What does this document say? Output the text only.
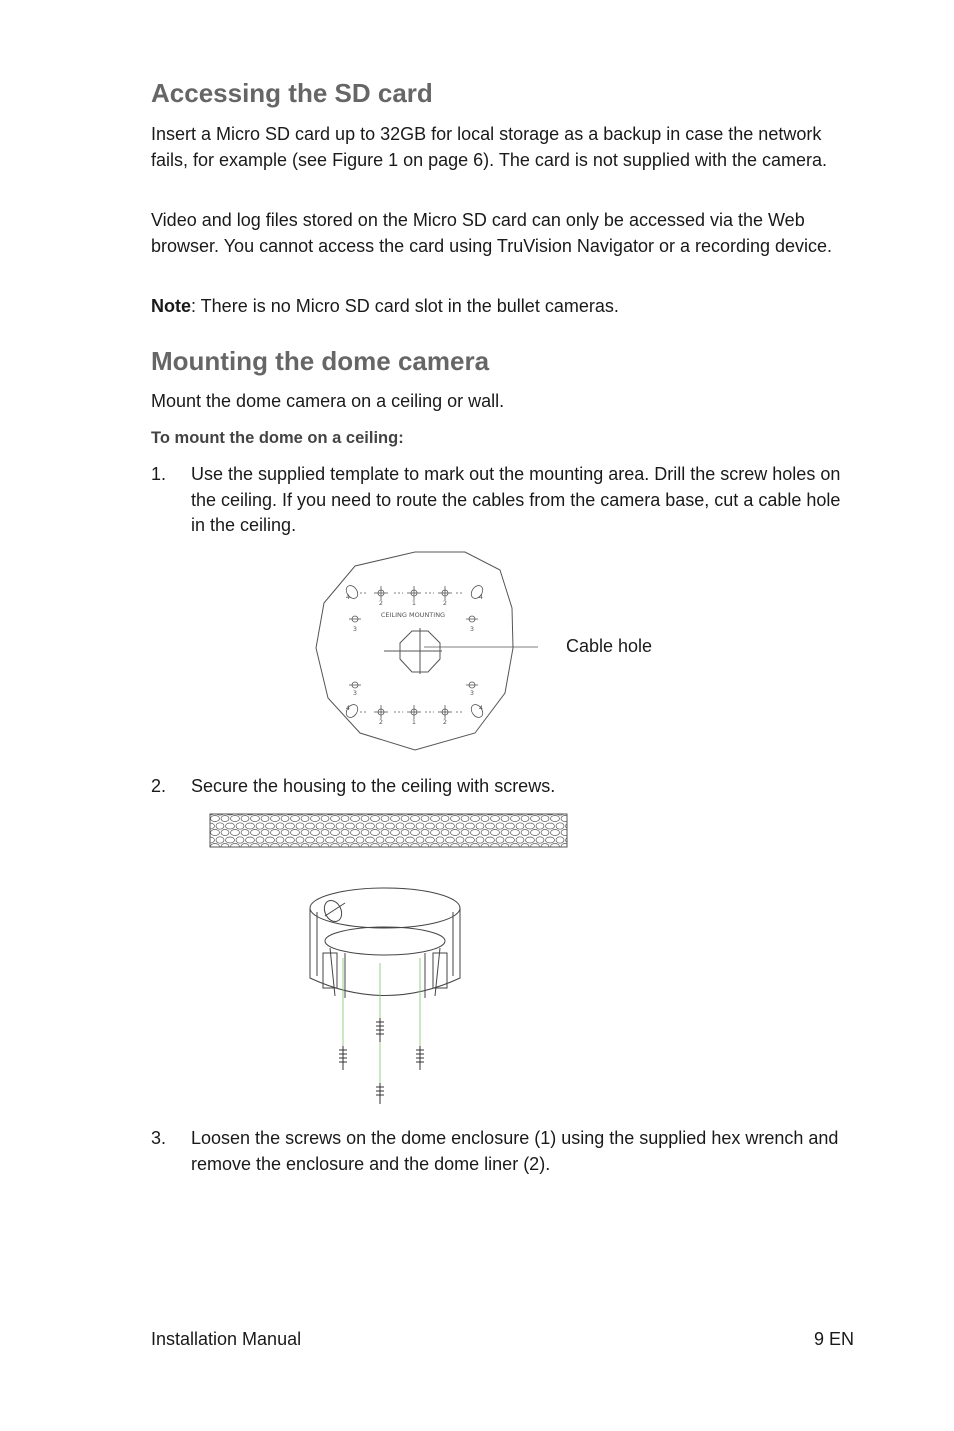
Accessing the SD card

Insert a Micro SD card up to 32GB for local storage as a backup in case the network fails, for example (see Figure 1 on page 6). The card is not supplied with the camera.

Video and log files stored on the Micro SD card can only be accessed via the Web browser. You cannot access the card using TruVision Navigator or a recording device.

Note: There is no Micro SD card slot in the bullet cameras.

Mounting the dome camera

Mount the dome camera on a ceiling or wall.

To mount the dome on a ceiling:

1. Use the supplied template to mark out the mounting area. Drill the screw holes on the ceiling. If you need to route the cables from the camera base, cut a cable hole in the ceiling.
2. Secure the housing to the ceiling with screws.
3. Loosen the screws on the dome enclosure (1) using the supplied hex wrench and remove the enclosure and the dome liner (2).
CEILING MOUNTING
4
2	1	2
4
3	3
3	3
4
2	1	2
4
Cable hole
Installation Manual	9 EN
